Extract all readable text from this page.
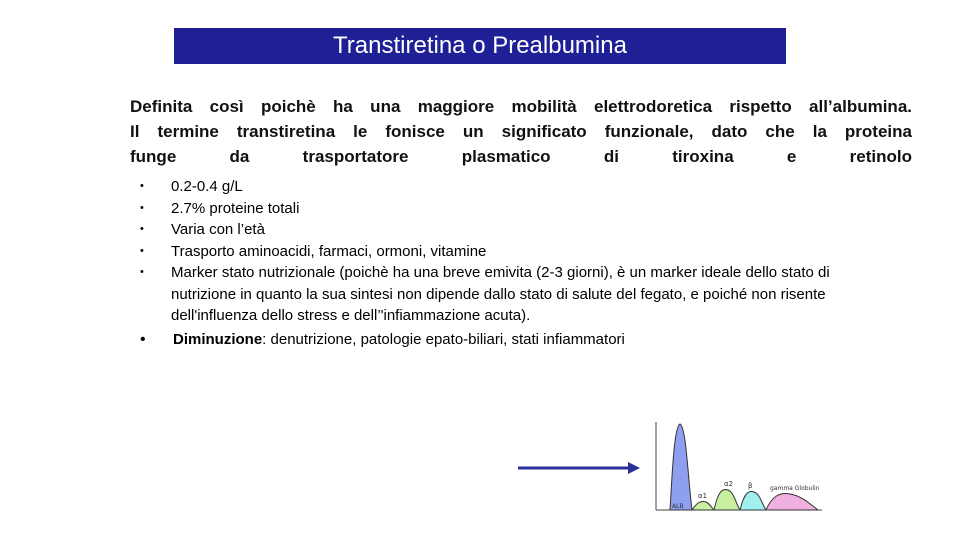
Transtiretina o Prealbumina
Definita così poichè ha una maggiore mobilità elettrodoretica rispetto all’albumina.
Il termine transtiretina le fonisce un significato funzionale, dato che la proteina
funge da trasportatore plasmatico di tiroxina e retinolo
•	0.2-0.4 g/L
•	2.7% proteine totali
•	Varia con l’età
•	Trasporto aminoacidi, farmaci, ormoni, vitamine
•	Marker stato nutrizionale (poichè ha una breve emivita (2-3 giorni), è un marker ideale dello stato di nutrizione in quanto la sua sintesi non dipende dallo stato di salute del fegato, e poiché non risente dell'influenza dello stress e dell’'infiammazione acuta).
•	Diminuzione: denutrizione, patologie epato-biliari, stati infiammatori
ALB
α1
α2 β	gamma Globulin
